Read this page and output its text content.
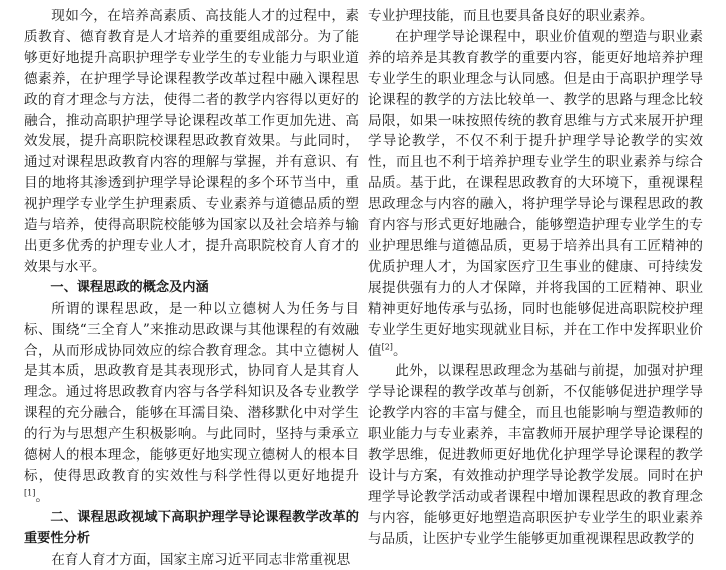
现如今，在培养高素质、高技能人才的过程中，素质教育、德育教育是人才培养的重要组成部分。为了能够更好地提升高职护理学专业学生的专业能力与职业道德素养，在护理学导论课程教学改革过程中融入课程思政的育才理念与方法，使得二者的教学内容得以更好的融合，推动高职护理学导论课程改革工作更加先进、高效发展，提升高职院校课程思政教育效果。与此同时，通过对课程思政教育内容的理解与掌握，并有意识、有目的地将其渗透到护理学导论课程的多个环节当中，重视护理学专业学生护理素质、专业素养与道德品质的塑造与培养，使得高职院校能够为国家以及社会培养与输出更多优秀的护理专业人才，提升高职院校育人育才的效果与水平。

一、课程思政的概念及内涵

所谓的课程思政，是一种以立德树人为任务与目标、围绕“三全育人”来推动思政课与其他课程的有效融合，从而形成协同效应的综合教育理念。其中立德树人是其本质，思政教育是其表现形式，协同育人是其育人理念。通过将思政教育内容与各学科知识及各专业教学课程的充分融合，能够在耳濡目染、潜移默化中对学生的行为与思想产生积极影响。与此同时，坚持与秉承立德树人的根本理念，能够更好地实现立德树人的根本目标，使得思政教育的实效性与科学性得以更好地提升[1]。

二、课程思政视域下高职护理学导论课程教学改革的重要性分析

在育人育才方面，国家主席习近平同志非常重视思

专业护理技能，而且也要具备良好的职业素养。

在护理学导论课程中，职业价值观的塑造与职业素养的培养是其教育教学的重要内容，能更好地培养护理专业学生的职业理念与认同感。但是由于高职护理学导论课程的教学的方法比较单一、教学的思路与理念比较局限，如果一味按照传统的教育思维与方式来展开护理学导论教学，不仅不利于提升护理学导论教学的实效性，而且也不利于培养护理专业学生的职业素养与综合品质。基于此，在课程思政教育的大环境下，重视课程思政理念与内容的融入，将护理学导论与课程思政的教育内容与形式更好地融合，能够塑造护理专业学生的专业护理思维与道德品质，更易于培养出具有工匠精神的优质护理人才，为国家医疗卫生事业的健康、可持续发展提供强有力的人才保障，并将我国的工匠精神、职业精神更好地传承与弘扬，同时也能够促进高职院校护理专业学生更好地实现就业目标，并在工作中发挥职业价值[2]。

此外，以课程思政理念为基础与前提，加强对护理学导论课程的教学改革与创新，不仅能够促进护理学导论教学内容的丰富与健全，而且也能影响与塑造教师的职业能力与专业素养，丰富教师开展护理学导论课程的教学思维，促进教师更好地优化护理学导论课程的教学设计与方案，有效推动护理学导论教学发展。同时在护理学导论教学活动或者课程中增加课程思政的教育理念与内容，能够更好地塑造高职医护专业学生的职业素养与品质，让医护专业学生能够更加重视课程思政教学的
